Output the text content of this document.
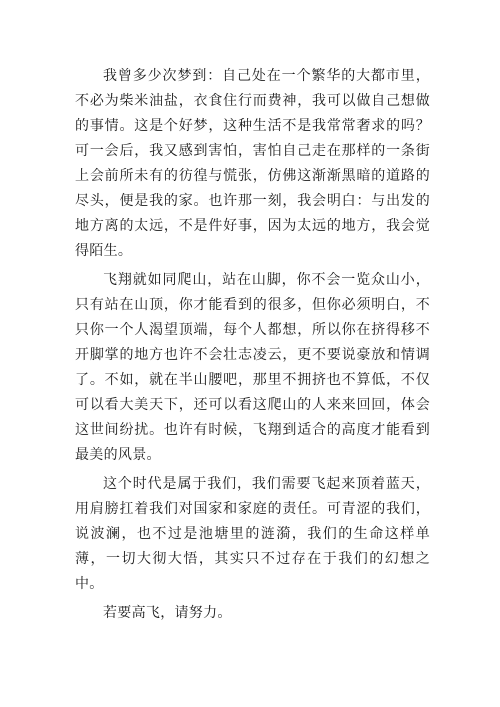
我曾多少次梦到：自己处在一个繁华的大都市里，不必为柴米油盐，衣食住行而费神，我可以做自己想做的事情。这是个好梦，这种生活不是我常常奢求的吗？可一会后，我又感到害怕，害怕自己走在那样的一条街上会前所未有的彷徨与慌张，仿佛这渐渐黑暗的道路的尽头，便是我的家。也许那一刻，我会明白：与出发的地方离的太远，不是件好事，因为太远的地方，我会觉得陌生。

飞翔就如同爬山，站在山脚，你不会一览众山小，只有站在山顶，你才能看到的很多，但你必须明白，不只你一个人渴望顶端，每个人都想，所以你在挤得移不开脚掌的地方也许不会壮志凌云，更不要说豪放和情调了。不如，就在半山腰吧，那里不拥挤也不算低，不仅可以看大美天下，还可以看这爬山的人来来回回，体会这世间纷扰。也许有时候，飞翔到适合的高度才能看到最美的风景。

这个时代是属于我们，我们需要飞起来顶着蓝天，用肩膀扛着我们对国家和家庭的责任。可青涩的我们，说波澜，也不过是池塘里的涟漪，我们的生命这样单薄，一切大彻大悟，其实只不过存在于我们的幻想之中。

若要高飞，请努力。
